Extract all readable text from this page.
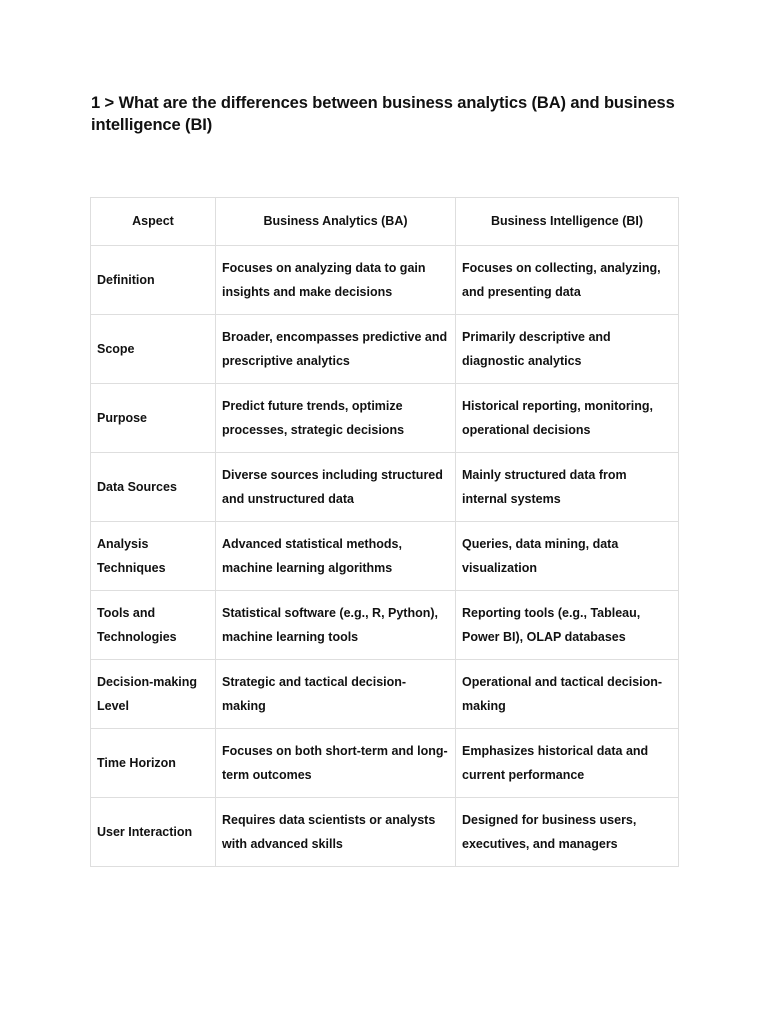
1 > What are the differences between business analytics (BA) and business intelligence (BI)
Aspect	Business Analytics (BA)	Business Intelligence (BI)
Definition	Focuses on analyzing data to gain insights and make decisions	Focuses on collecting, analyzing, and presenting data
Scope	Broader, encompasses predictive and prescriptive analytics	Primarily descriptive and diagnostic analytics
Purpose	Predict future trends, optimize processes, strategic decisions	Historical reporting, monitoring, operational decisions
Data Sources	Diverse sources including structured and unstructured data	Mainly structured data from internal systems
Analysis Techniques	Advanced statistical methods, machine learning algorithms	Queries, data mining, data visualization
Tools and Technologies	Statistical software (e.g., R, Python), machine learning tools	Reporting tools (e.g., Tableau, Power BI), OLAP databases
Decision-making Level	Strategic and tactical decision-making	Operational and tactical decision-making
Time Horizon	Focuses on both short-term and long-term outcomes	Emphasizes historical data and current performance
User Interaction	Requires data scientists or analysts with advanced skills	Designed for business users, executives, and managers
